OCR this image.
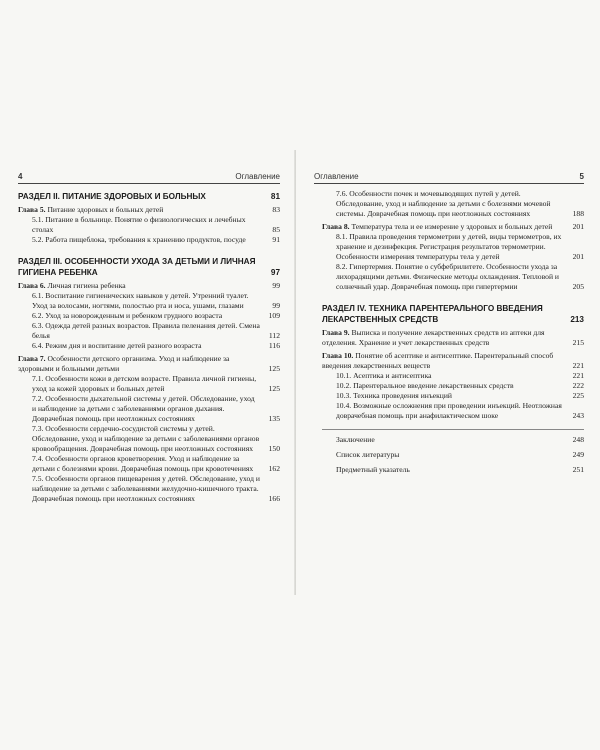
4	Оглавление
РАЗДЕЛ II. ПИТАНИЕ ЗДОРОВЫХ И БОЛЬНЫХ	81
Глава 5. Питание здоровых и больных детей	83
5.1. Питание в больнице. Понятие о физиологических и лечебных столах	85
5.2. Работа пищеблока, требования к хранению продуктов, посуде	91
РАЗДЕЛ III. ОСОБЕННОСТИ УХОДА ЗА ДЕТЬМИ И ЛИЧНАЯ ГИГИЕНА РЕБЕНКА	97
Глава 6. Личная гигиена ребенка	99
6.1. Воспитание гигиенических навыков у детей. Утренний туалет. Уход за волосами, ногтями, полостью рта и носа, ушами, глазами	99
6.2. Уход за новорожденным и ребенком грудного возраста	109
6.3. Одежда детей разных возрастов. Правила пеленания детей. Смена белья	112
6.4. Режим дня и воспитание детей разного возраста	116
Глава 7. Особенности детского организма. Уход и наблюдение за здоровыми и больными детьми	125
7.1. Особенности кожи в детском возрасте. Правила личной гигиены, уход за кожей здоровых и больных детей	125
7.2. Особенности дыхательной системы у детей. Обследование, уход и наблюдение за детьми с заболеваниями органов дыхания. Доврачебная помощь при неотложных состояниях	135
7.3. Особенности сердечно-сосудистой системы у детей. Обследование, уход и наблюдение за детьми с заболеваниями органов кровообращения. Доврачебная помощь при неотложных состояниях	150
7.4. Особенности органов кроветворения. Уход и наблюдение за детьми с болезнями крови. Доврачебная помощь при кровотечениях	162
7.5. Особенности органов пищеварения у детей. Обследование, уход и наблюдение за детьми с заболеваниями желудочно-кишечного тракта. Доврачебная помощь при неотложных состояниях	166
Оглавление	5
7.6. Особенности почек и мочевыводящих путей у детей. Обследование, уход и наблюдение за детьми с болезнями мочевой системы. Доврачебная помощь при неотложных состояниях	188
Глава 8. Температура тела и ее измерение у здоровых и больных детей	201
8.1. Правила проведения термометрии у детей, виды термометров, их хранение и дезинфекция. Регистрация результатов термометрии. Особенности измерения температуры тела у детей	201
8.2. Гипертермия. Понятие о субфебрилитете. Особенности ухода за лихорадящими детьми. Физические методы охлаждения. Тепловой и солнечный удар. Доврачебная помощь при гипертермии	205
РАЗДЕЛ IV. ТЕХНИКА ПАРЕНТЕРАЛЬНОГО ВВЕДЕНИЯ ЛЕКАРСТВЕННЫХ СРЕДСТВ	213
Глава 9. Выписка и получение лекарственных средств из аптеки для отделения. Хранение и учет лекарственных средств	215
Глава 10. Понятие об асептике и антисептике. Парентеральный способ введения лекарственных веществ	221
10.1. Асептика и антисептика	221
10.2. Парентеральное введение лекарственных средств	222
10.3. Техника проведения инъекций	225
10.4. Возможные осложнения при проведении инъекций. Неотложная доврачебная помощь при анафилактическом шоке	243
Заключение	248
Список литературы	249
Предметный указатель	251
